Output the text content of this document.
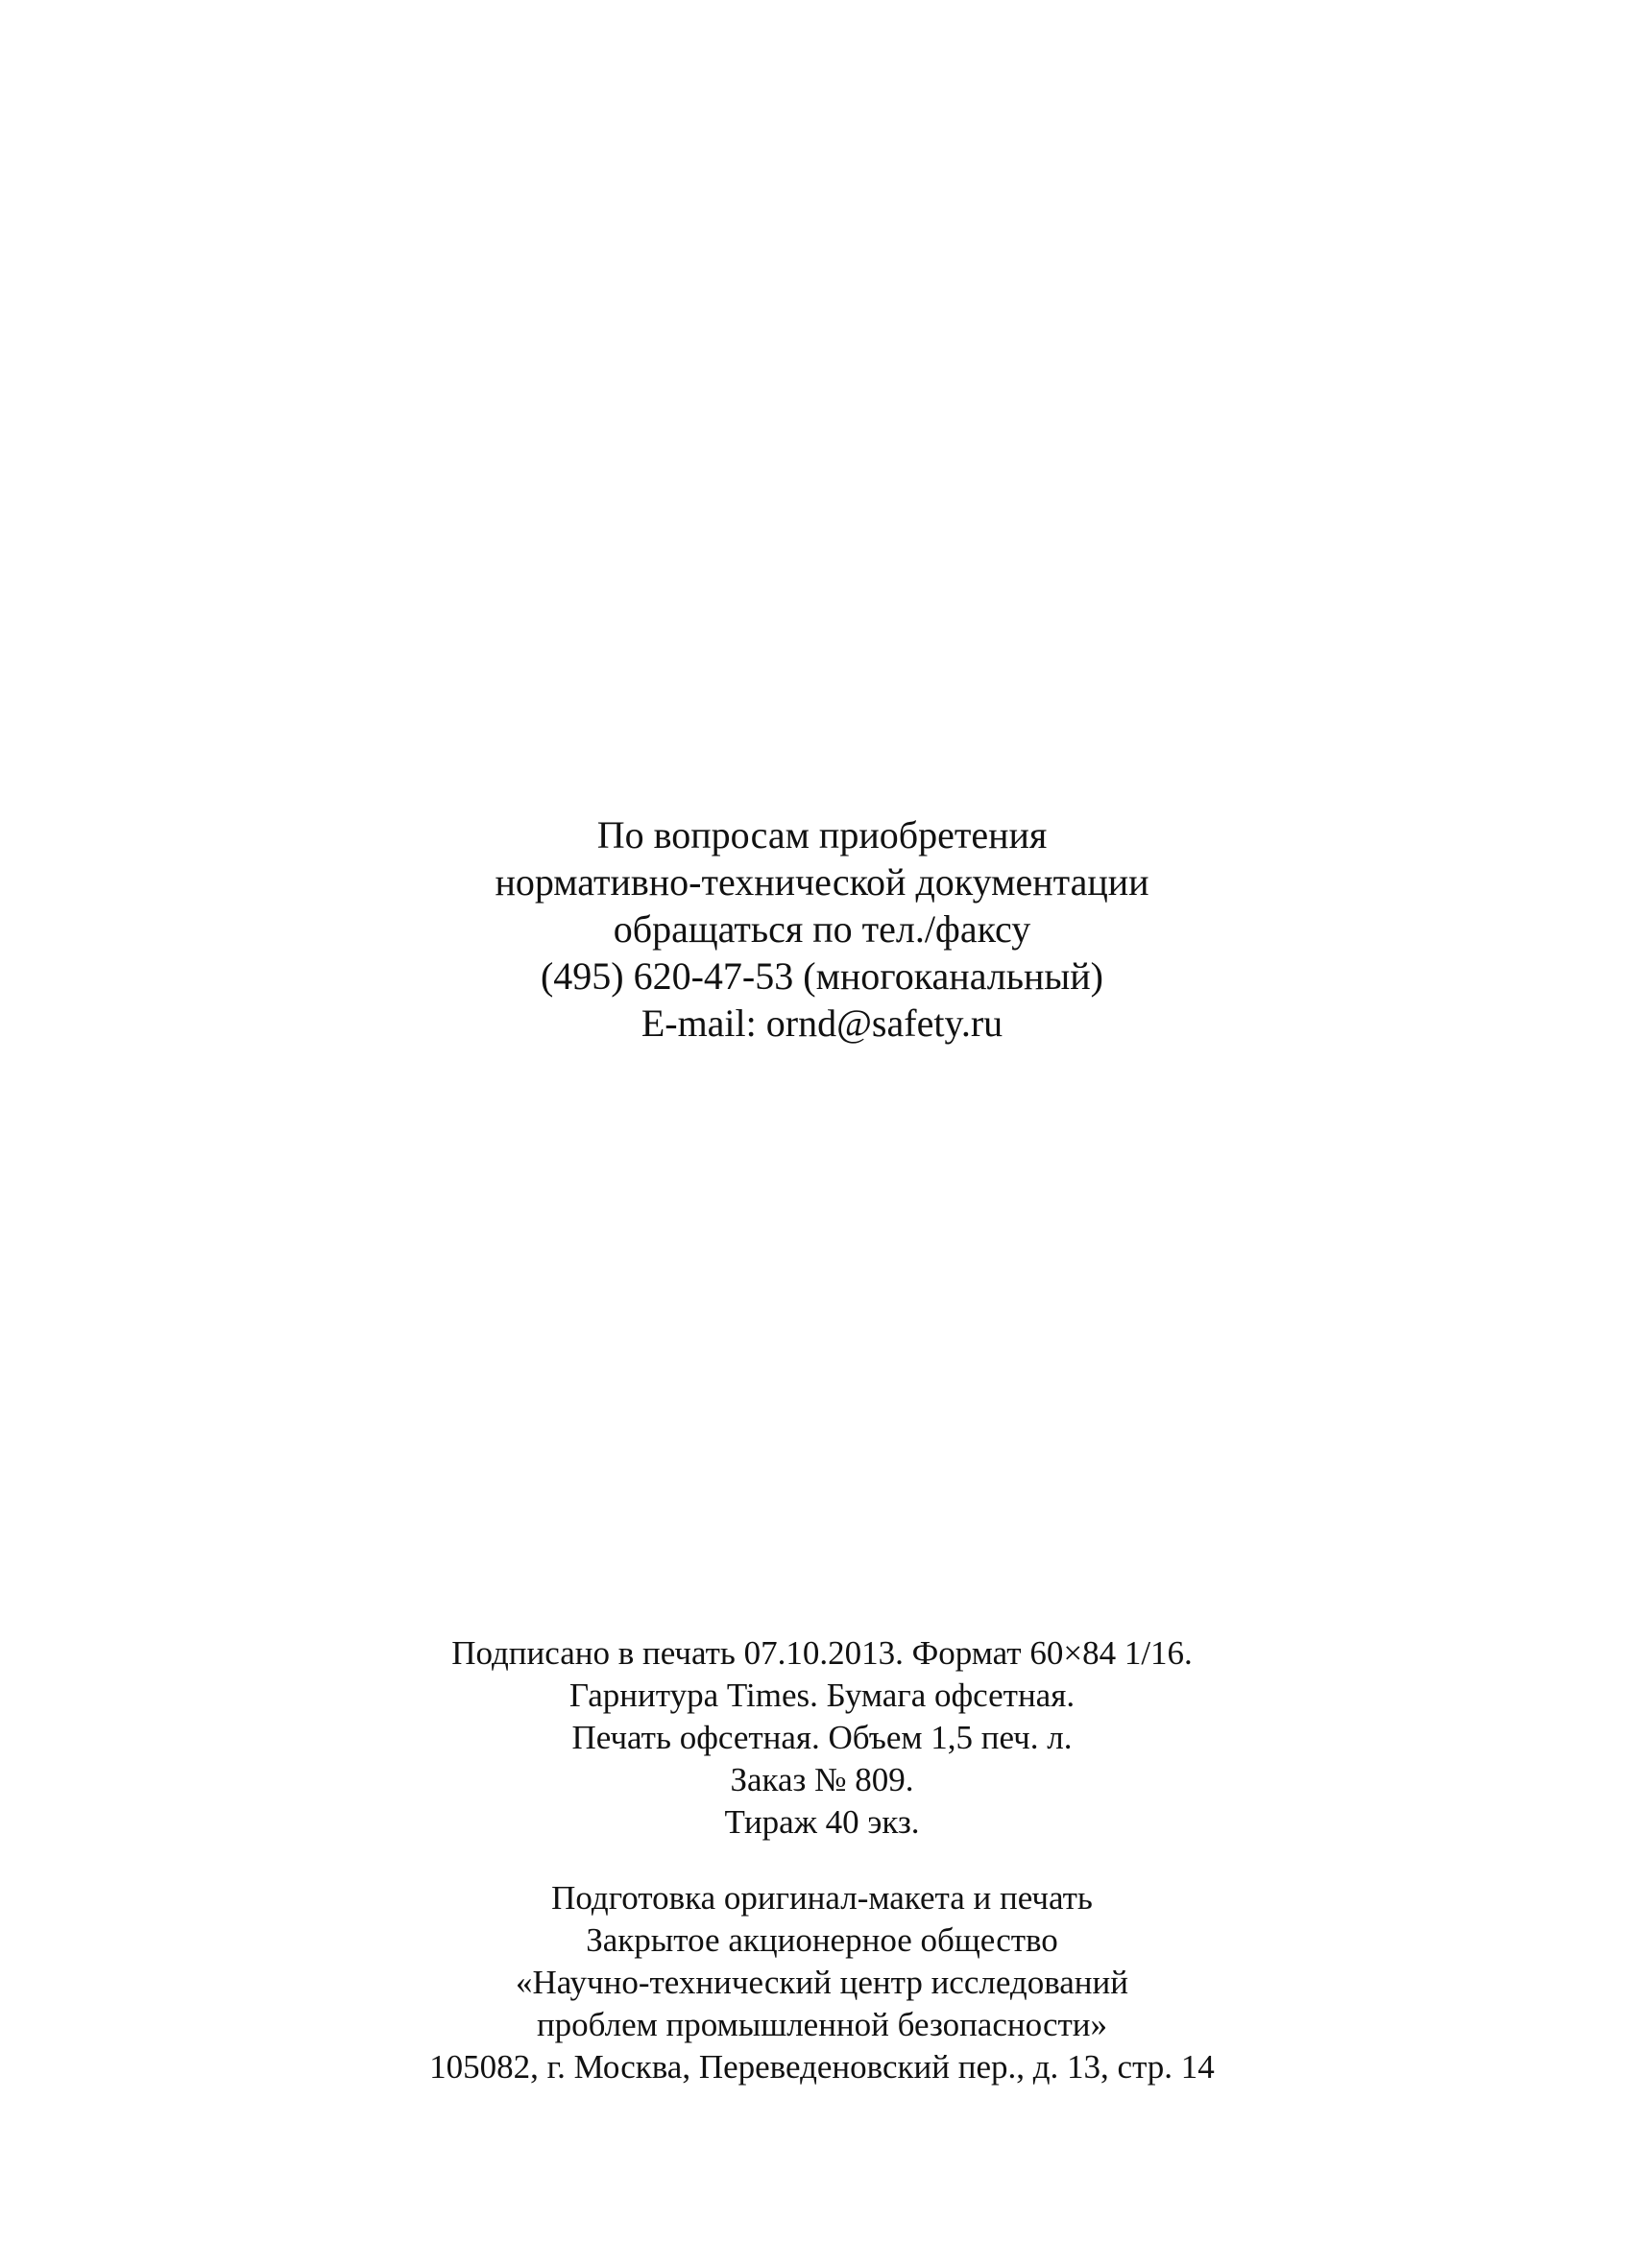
По вопросам приобретения
нормативно-технической документации
обращаться по тел./факсу
(495) 620-47-53 (многоканальный)
E-mail: ornd@safety.ru
Подписано в печать 07.10.2013. Формат 60×84 1/16.
Гарнитура Times. Бумага офсетная.
Печать офсетная. Объем 1,5 печ. л.
Заказ № 809.
Тираж 40 экз.
Подготовка оригинал-макета и печать
Закрытое акционерное общество
«Научно-технический центр исследований
проблем промышленной безопасности»
105082, г. Москва, Переведеновский пер., д. 13, стр. 14
